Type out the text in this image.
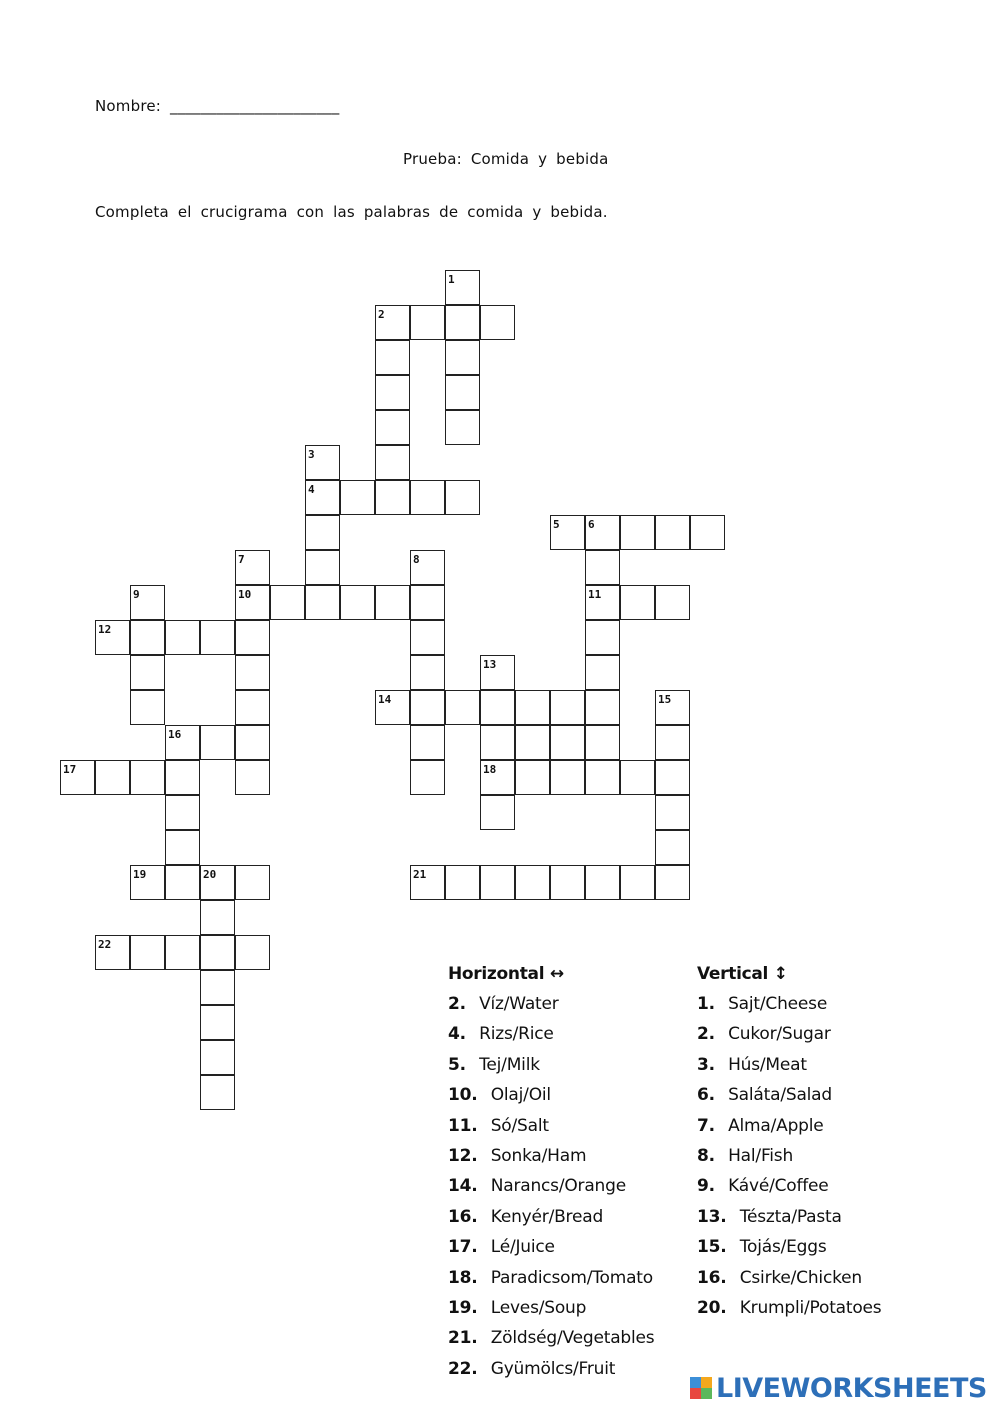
Nombre: ______________________
Prueba: Comida y bebida
Completa el crucigrama con las palabras de comida y bebida.
1
2
3
4
5	6
11
7
10
8
9
12
13
18
14	15
16
17
19	20	21
22
Horizontal ↔
2. Víz/Water
4. Rizs/Rice
5. Tej/Milk
10. Olaj/Oil
11. Só/Salt
12. Sonka/Ham
14. Narancs/Orange
16. Kenyér/Bread
17. Lé/Juice
18. Paradicsom/Tomato
19. Leves/Soup
21. Zöldség/Vegetables
22. Gyümölcs/Fruit
Vertical ↕
1. Sajt/Cheese
2. Cukor/Sugar
3. Hús/Meat
6. Saláta/Salad
7. Alma/Apple
8. Hal/Fish
9. Kávé/Coffee
13. Tészta/Pasta
15. Tojás/Eggs
16. Csirke/Chicken
20. Krumpli/Potatoes
LIVEWORKSHEETS
